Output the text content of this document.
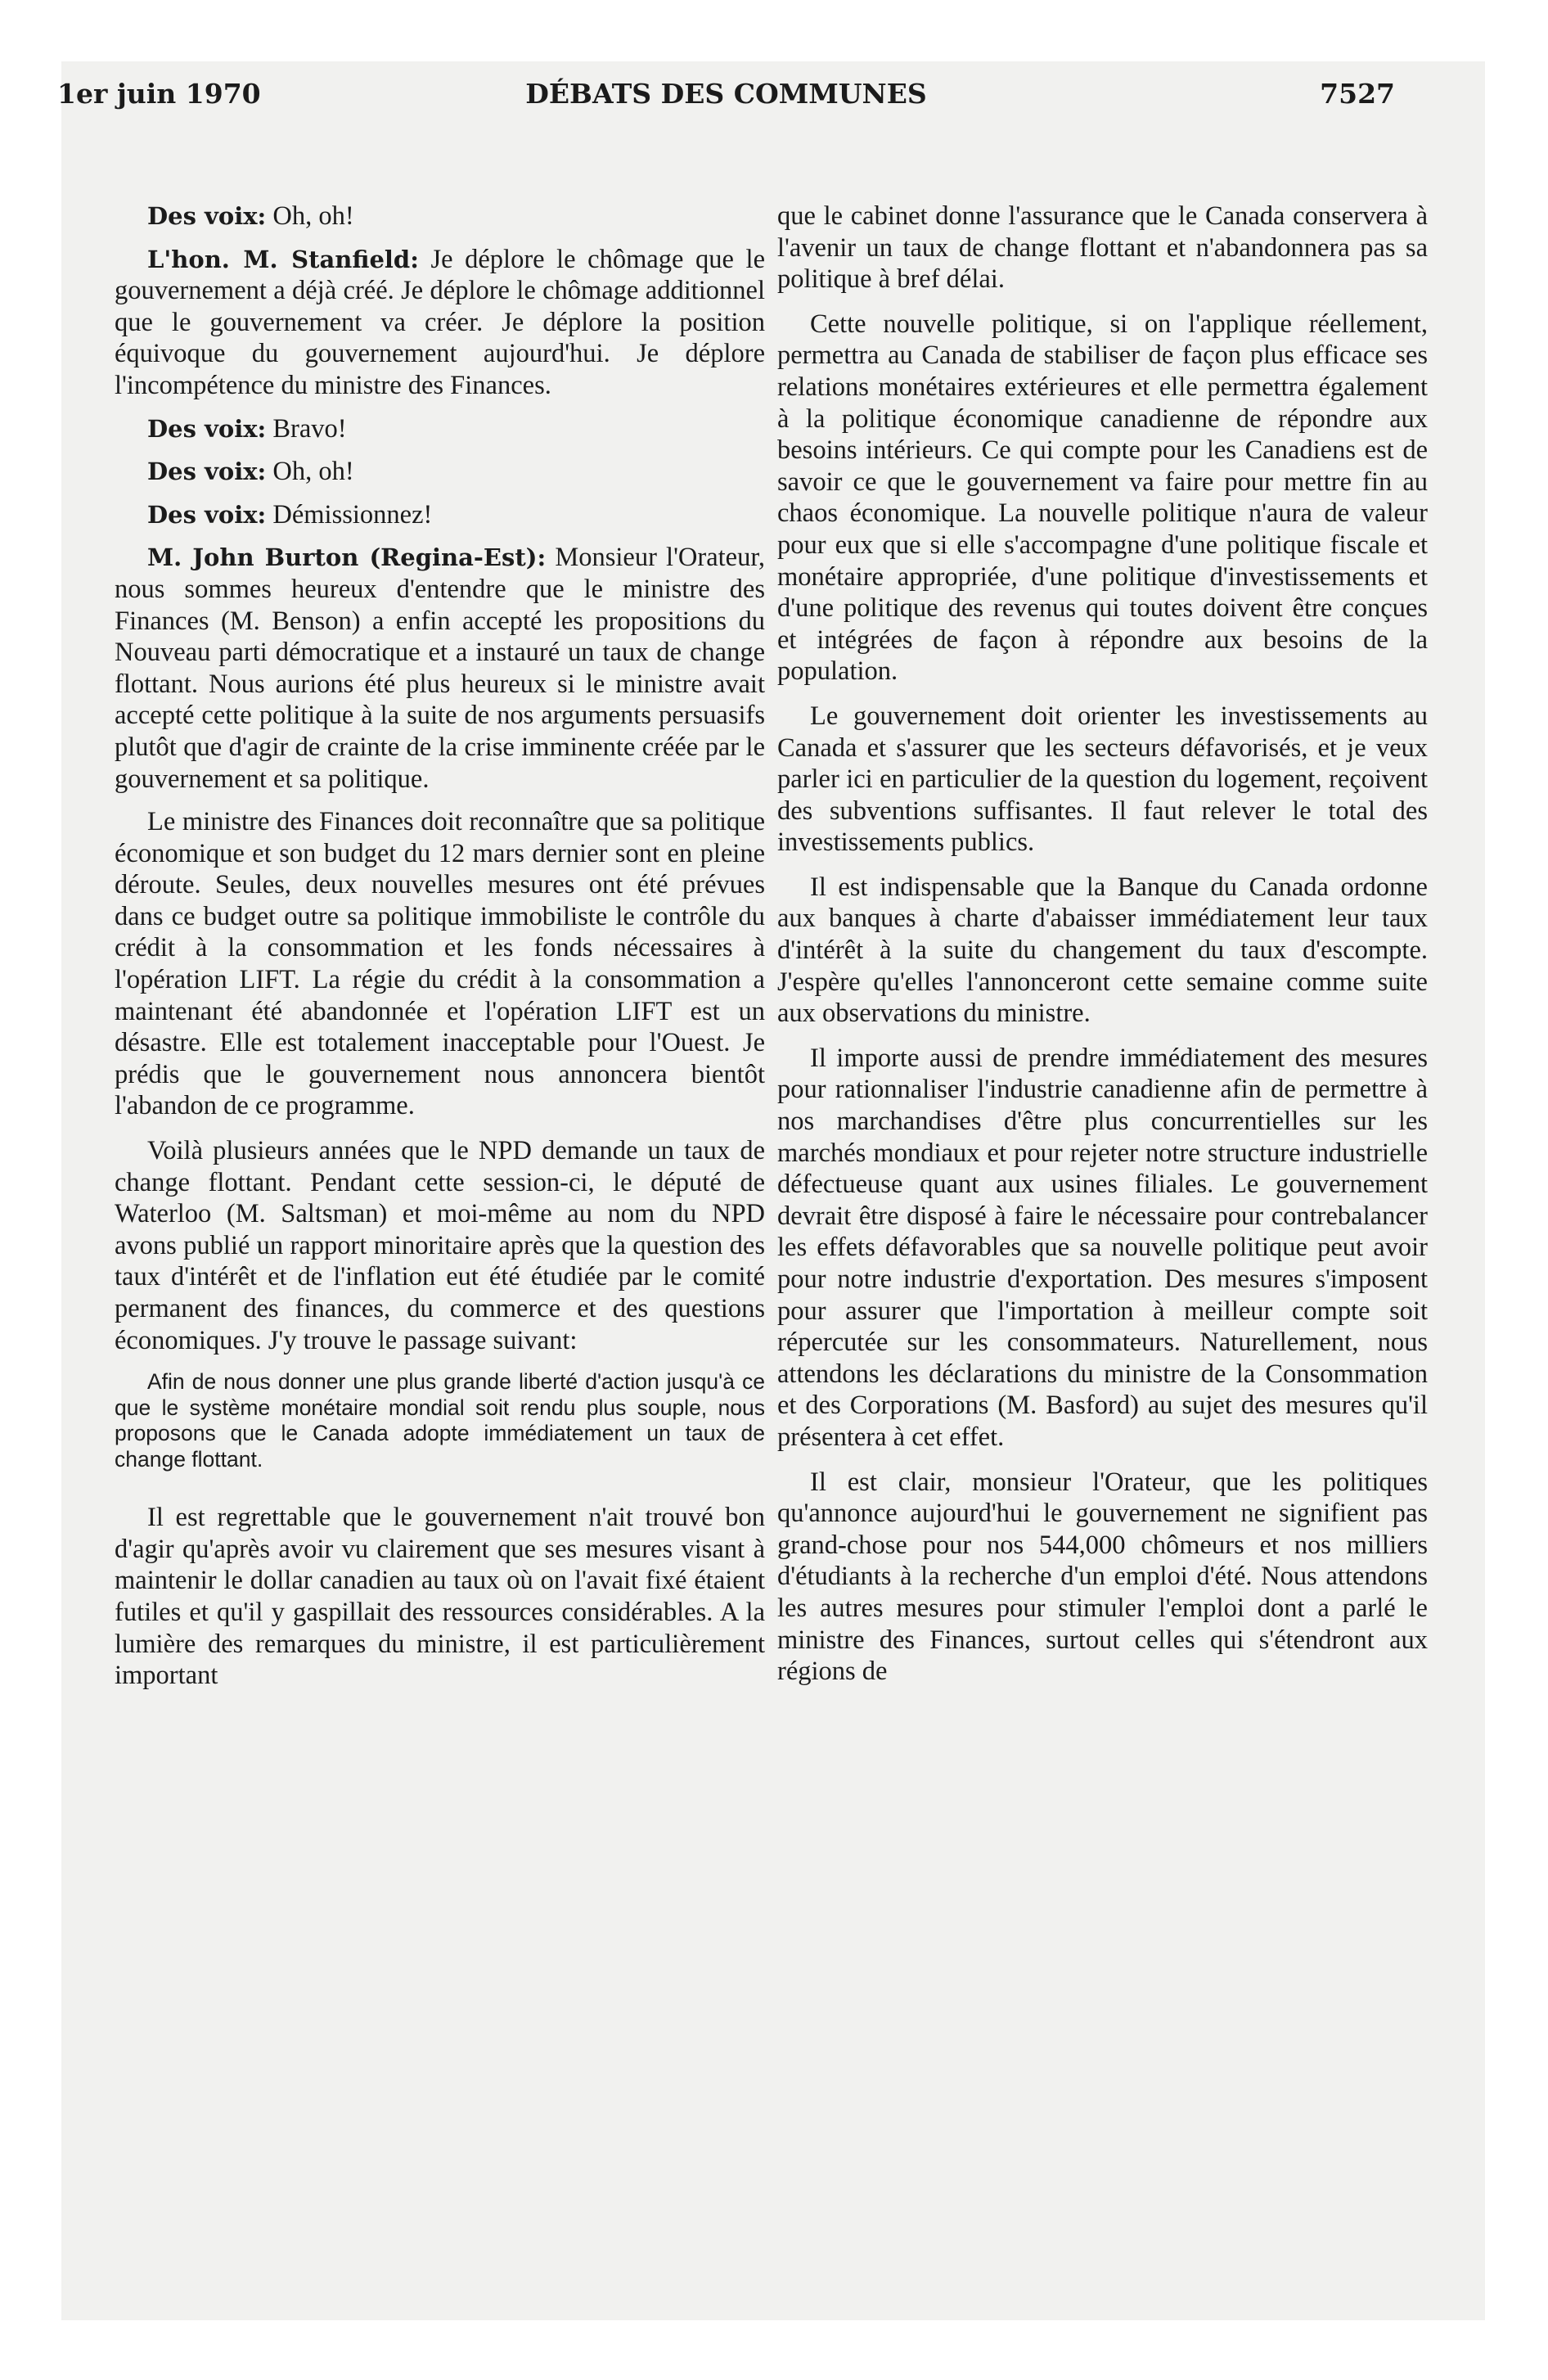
1er juin 1970	DÉBATS DES COMMUNES	7527

Des voix: Oh, oh!

L'hon. M. Stanfield: Je déplore le chômage que le gouvernement a déjà créé. Je déplore le chômage additionnel que le gouvernement va créer. Je déplore la position équivoque du gouvernement aujourd'hui. Je déplore l'incompétence du ministre des Finances.

Des voix: Bravo!

Des voix: Oh, oh!

Des voix: Démissionnez!

M. John Burton (Regina-Est): Monsieur l'Orateur, nous sommes heureux d'entendre que le ministre des Finances (M. Benson) a enfin accepté les propositions du Nouveau parti démocratique et a instauré un taux de change flottant. Nous aurions été plus heureux si le ministre avait accepté cette politique à la suite de nos arguments persuasifs plutôt que d'agir de crainte de la crise imminente créée par le gouvernement et sa politique.

Le ministre des Finances doit reconnaître que sa politique économique et son budget du 12 mars dernier sont en pleine déroute. Seules, deux nouvelles mesures ont été prévues dans ce budget outre sa politique immobiliste le contrôle du crédit à la consommation et les fonds nécessaires à l'opération LIFT. La régie du crédit à la consommation a maintenant été abandonnée et l'opération LIFT est un désastre. Elle est totalement inacceptable pour l'Ouest. Je prédis que le gouvernement nous annoncera bientôt l'abandon de ce programme.

Voilà plusieurs années que le NPD demande un taux de change flottant. Pendant cette session-ci, le député de Waterloo (M. Saltsman) et moi-même au nom du NPD avons publié un rapport minoritaire après que la question des taux d'intérêt et de l'inflation eut été étudiée par le comité permanent des finances, du commerce et des questions économiques. J'y trouve le passage suivant:

Afin de nous donner une plus grande liberté d'action jusqu'à ce que le système monétaire mondial soit rendu plus souple, nous proposons que le Canada adopte immédiatement un taux de change flottant.

Il est regrettable que le gouvernement n'ait trouvé bon d'agir qu'après avoir vu clairement que ses mesures visant à maintenir le dollar canadien au taux où on l'avait fixé étaient futiles et qu'il y gaspillait des ressources considérables. A la lumière des remarques du ministre, il est particulièrement important

que le cabinet donne l'assurance que le Canada conservera à l'avenir un taux de change flottant et n'abandonnera pas sa politique à bref délai.

Cette nouvelle politique, si on l'applique réellement, permettra au Canada de stabiliser de façon plus efficace ses relations monétaires extérieures et elle permettra également à la politique économique canadienne de répondre aux besoins intérieurs. Ce qui compte pour les Canadiens est de savoir ce que le gouvernement va faire pour mettre fin au chaos économique. La nouvelle politique n'aura de valeur pour eux que si elle s'accompagne d'une politique fiscale et monétaire appropriée, d'une politique d'investissements et d'une politique des revenus qui toutes doivent être conçues et intégrées de façon à répondre aux besoins de la population.

Le gouvernement doit orienter les investissements au Canada et s'assurer que les secteurs défavorisés, et je veux parler ici en particulier de la question du logement, reçoivent des subventions suffisantes. Il faut relever le total des investissements publics.

Il est indispensable que la Banque du Canada ordonne aux banques à charte d'abaisser immédiatement leur taux d'intérêt à la suite du changement du taux d'escompte. J'espère qu'elles l'annonceront cette semaine comme suite aux observations du ministre.

Il importe aussi de prendre immédiatement des mesures pour rationnaliser l'industrie canadienne afin de permettre à nos marchandises d'être plus concurrentielles sur les marchés mondiaux et pour rejeter notre structure industrielle défectueuse quant aux usines filiales. Le gouvernement devrait être disposé à faire le nécessaire pour contrebalancer les effets défavorables que sa nouvelle politique peut avoir pour notre industrie d'exportation. Des mesures s'imposent pour assurer que l'importation à meilleur compte soit répercutée sur les consommateurs. Naturellement, nous attendons les déclarations du ministre de la Consommation et des Corporations (M. Basford) au sujet des mesures qu'il présentera à cet effet.

Il est clair, monsieur l'Orateur, que les politiques qu'annonce aujourd'hui le gouvernement ne signifient pas grand-chose pour nos 544,000 chômeurs et nos milliers d'étudiants à la recherche d'un emploi d'été. Nous attendons les autres mesures pour stimuler l'emploi dont a parlé le ministre des Finances, surtout celles qui s'étendront aux régions de
